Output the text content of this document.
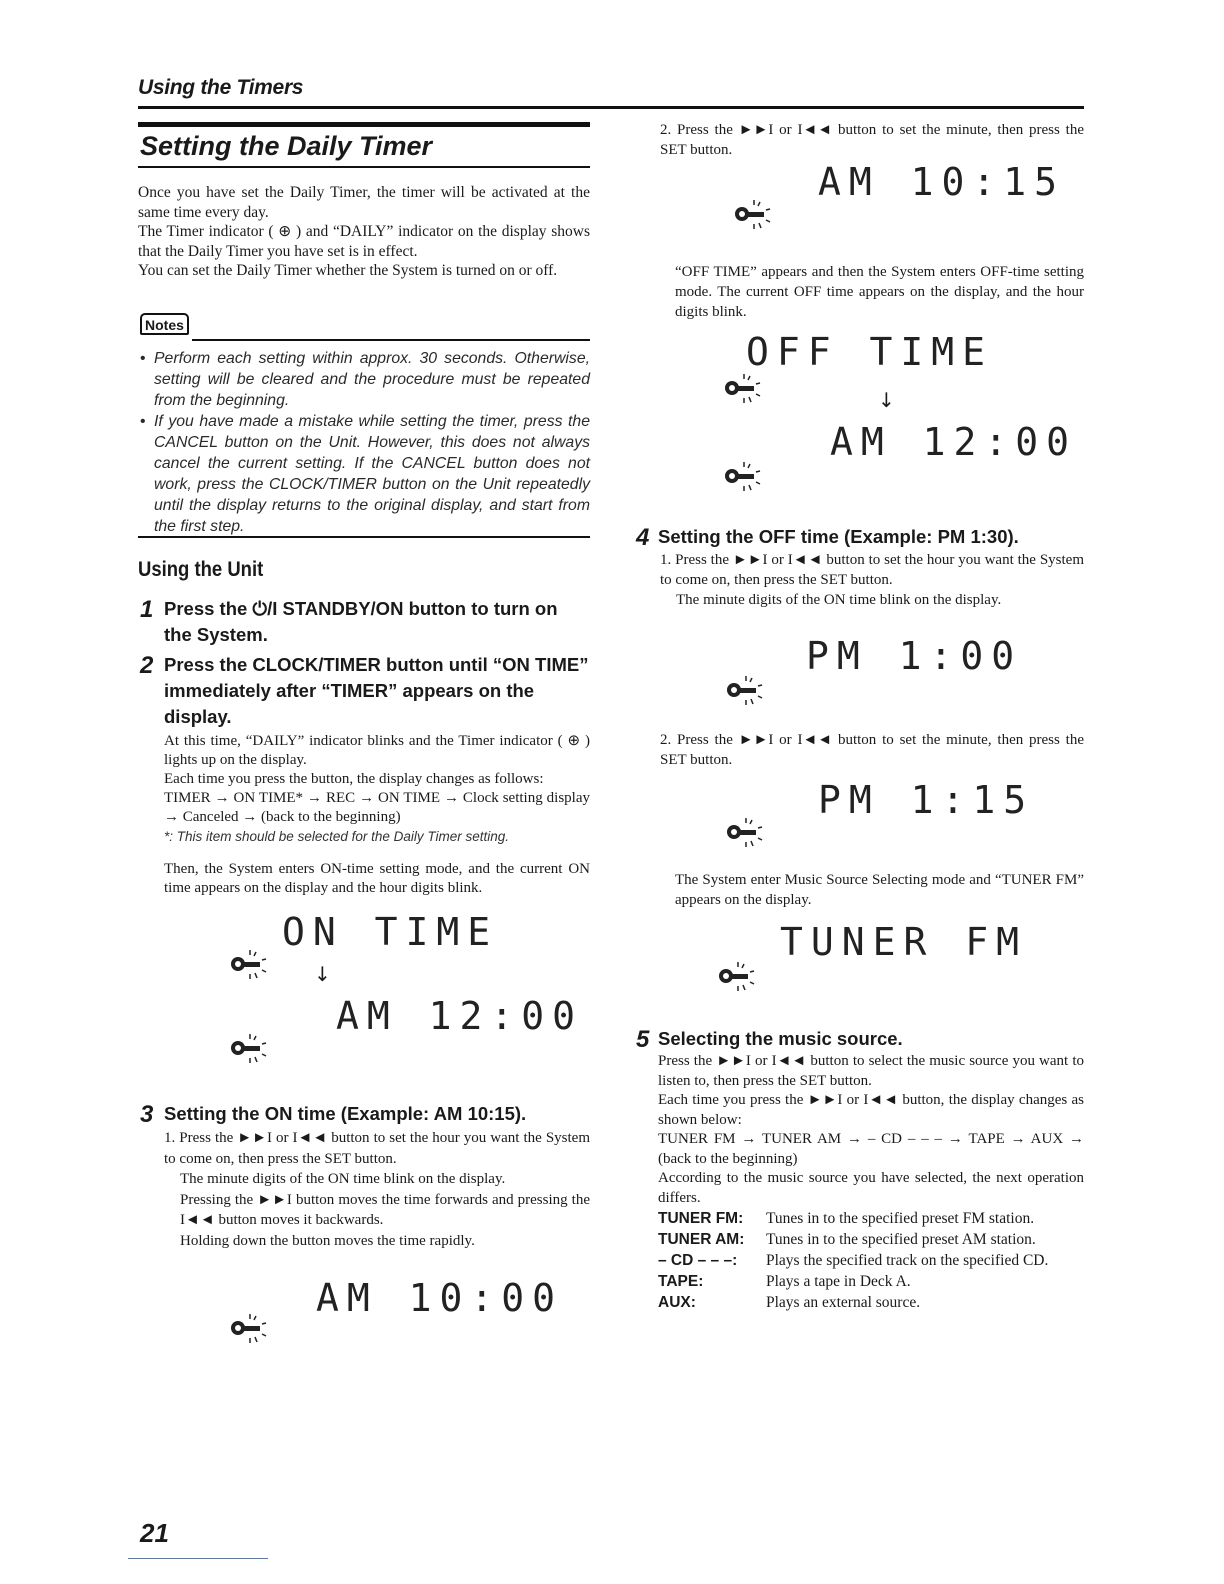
Using the Timers
Setting the Daily Timer
Once you have set the Daily Timer, the timer will be activated at the same time every day.
The Timer indicator ( ⊕ ) and “DAILY” indicator on the display shows that the Daily Timer you have set is in effect.
You can set the Daily Timer whether the System is turned on or off.
Notes
• Perform each setting within approx. 30 seconds. Otherwise, setting will be cleared and the procedure must be repeated from the beginning.
• If you have made a mistake while setting the timer, press the CANCEL button on the Unit. However, this does not always cancel the current setting. If the CANCEL button does not work, press the CLOCK/TIMER button on the Unit repeatedly until the display returns to the original display, and start from the first step.
Using the Unit
1 Press the ⏻/I STANDBY/ON button to turn on the System.
2 Press the CLOCK/TIMER button until “ON TIME” immediately after “TIMER” appears on the display.
At this time, “DAILY” indicator blinks and the Timer indicator ( ⊕ ) lights up on the display.
Each time you press the button, the display changes as follows:
TIMER → ON TIME* → REC → ON TIME → Clock setting display → Canceled → (back to the beginning)
*: This item should be selected for the Daily Timer setting.
Then, the System enters ON-time setting mode, and the current ON time appears on the display and the hour digits blink.
ON TIME
↓
AM 12:00
3 Setting the ON time (Example: AM 10:15).
1. Press the ►►I or I◄◄ button to set the hour you want the System to come on, then press the SET button.
The minute digits of the ON time blink on the display.
Pressing the ►►I button moves the time forwards and pressing the I◄◄ button moves it backwards.
Holding down the button moves the time rapidly.
AM 10:00
2. Press the ►►I or I◄◄ button to set the minute, then press the SET button.
AM 10:15
“OFF TIME” appears and then the System enters OFF-time setting mode. The current OFF time appears on the display, and the hour digits blink.
OFF TIME
↓
AM 12:00
4 Setting the OFF time (Example: PM 1:30).
1. Press the ►►I or I◄◄ button to set the hour you want the System to come on, then press the SET button.
The minute digits of the ON time blink on the display.
PM 1:00
2. Press the ►►I or I◄◄ button to set the minute, then press the SET button.
PM 1:15
The System enter Music Source Selecting mode and “TUNER FM” appears on the display.
TUNER FM
5 Selecting the music source.
Press the ►►I or I◄◄ button to select the music source you want to listen to, then press the SET button.
Each time you press the ►►I or I◄◄ button, the display changes as shown below:
TUNER FM → TUNER AM → – CD – – – → TAPE → AUX → (back to the beginning)
According to the music source you have selected, the next operation differs.
TUNER FM:	Tunes in to the specified preset FM station.
TUNER AM:	Tunes in to the specified preset AM station.
– CD – – –:	Plays the specified track on the specified CD.
TAPE:	Plays a tape in Deck A.
AUX:	Plays an external source.
21
